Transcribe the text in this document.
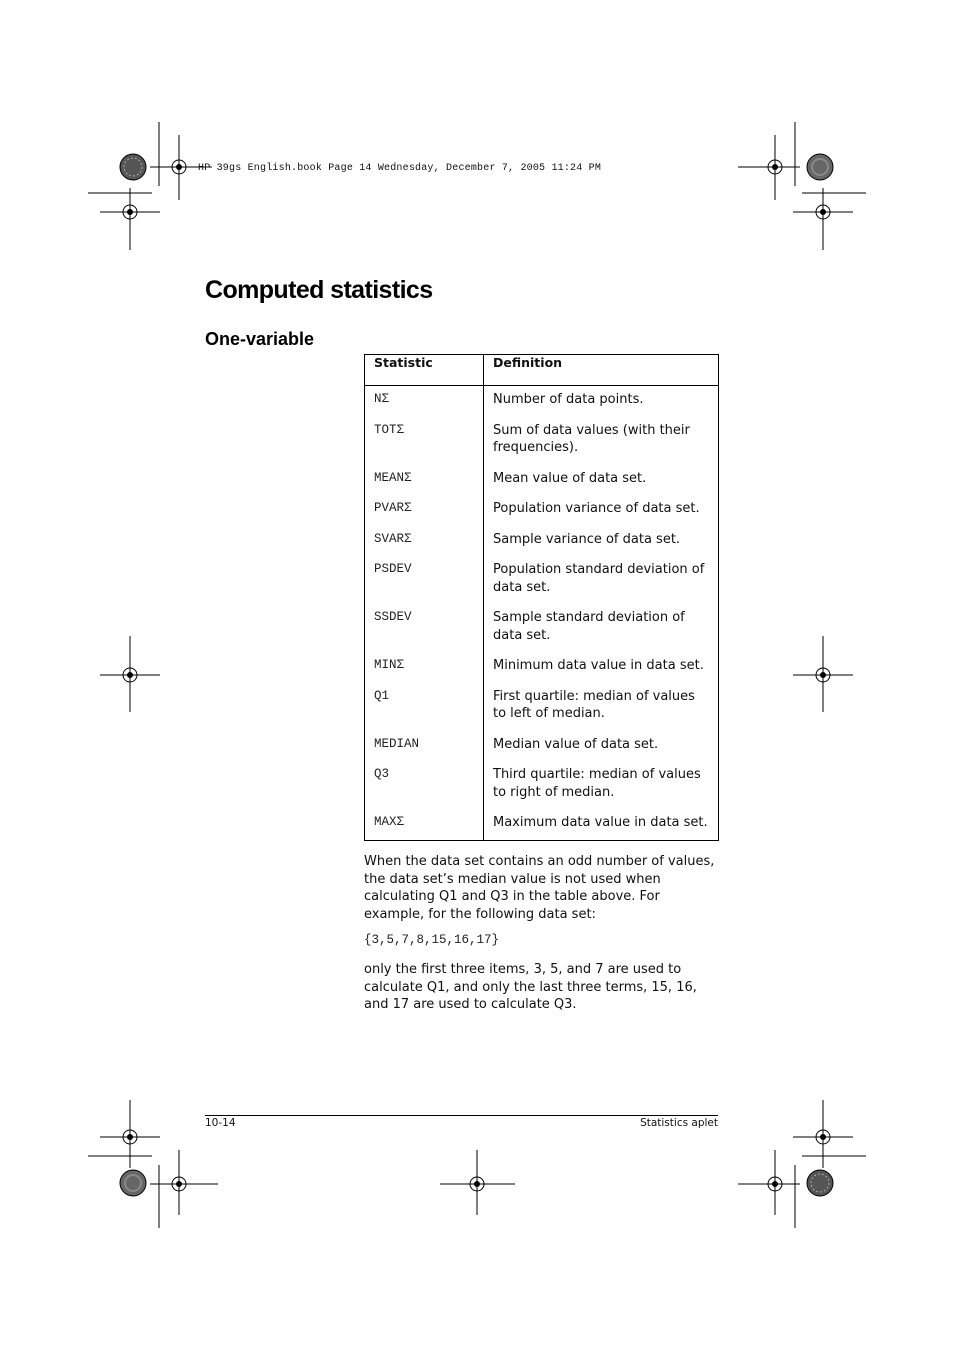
HP 39gs English.book Page 14 Wednesday, December 7, 2005 11:24 PM
Computed statistics
One-variable
Statistic	Definition
NΣ	Number of data points.
TOTΣ	Sum of data values (with their frequencies).
MEANΣ	Mean value of data set.
PVARΣ	Population variance of data set.
SVARΣ	Sample variance of data set.
PSDEV	Population standard deviation of data set.
SSDEV	Sample standard deviation of data set.
MINΣ	Minimum data value in data set.
Q1	First quartile: median of values to left of median.
MEDIAN	Median value of data set.
Q3	Third quartile: median of values to right of median.
MAXΣ	Maximum data value in data set.
When the data set contains an odd number of values, the data set’s median value is not used when calculating Q1 and Q3 in the table above. For example, for the following data set:
{3,5,7,8,15,16,17}
only the first three items, 3, 5, and 7 are used to calculate Q1, and only the last three terms, 15, 16, and 17 are used to calculate Q3.
10-14	Statistics aplet
